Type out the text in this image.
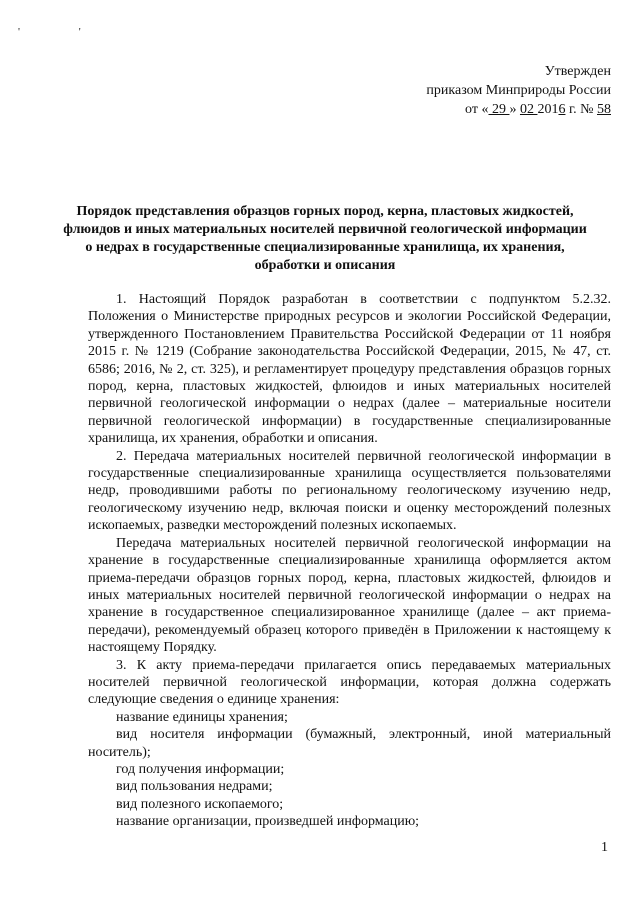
' '
Утвержден
приказом Минприроды России
от « 29 » 02 2016 г. № 58
Порядок представления образцов горных пород, керна, пластовых жидкостей, флюидов и иных материальных носителей первичной геологической информации о недрах в государственные специализированные хранилища, их хранения, обработки и описания

1. Настоящий Порядок разработан в соответствии с подпунктом 5.2.32. Положения о Министерстве природных ресурсов и экологии Российской Федерации, утвержденного Постановлением Правительства Российской Федерации от 11 ноября 2015 г. № 1219 (Собрание законодательства Российской Федерации, 2015, № 47, ст. 6586; 2016, № 2, ст. 325), и регламентирует процедуру представления образцов горных пород, керна, пластовых жидкостей, флюидов и иных материальных носителей первичной геологической информации о недрах (далее – материальные носители первичной геологической информации) в государственные специализированные хранилища, их хранения, обработки и описания.

2. Передача материальных носителей первичной геологической информации в государственные специализированные хранилища осуществляется пользователями недр, проводившими работы по региональному геологическому изучению недр, геологическому изучению недр, включая поиски и оценку месторождений полезных ископаемых, разведки месторождений полезных ископаемых.

Передача материальных носителей первичной геологической информации на хранение в государственные специализированные хранилища оформляется актом приема-передачи образцов горных пород, керна, пластовых жидкостей, флюидов и иных материальных носителей первичной геологической информации о недрах на хранение в государственное специализированное хранилище (далее – акт приема-передачи), рекомендуемый образец которого приведён в Приложении к настоящему к настоящему Порядку.

3. К акту приема-передачи прилагается опись передаваемых материальных носителей первичной геологической информации, которая должна содержать следующие сведения о единице хранения:

название единицы хранения;

вид носителя информации (бумажный, электронный, иной материальный носитель);

год получения информации;

вид пользования недрами;

вид полезного ископаемого;

название организации, произведшей информацию;

1
